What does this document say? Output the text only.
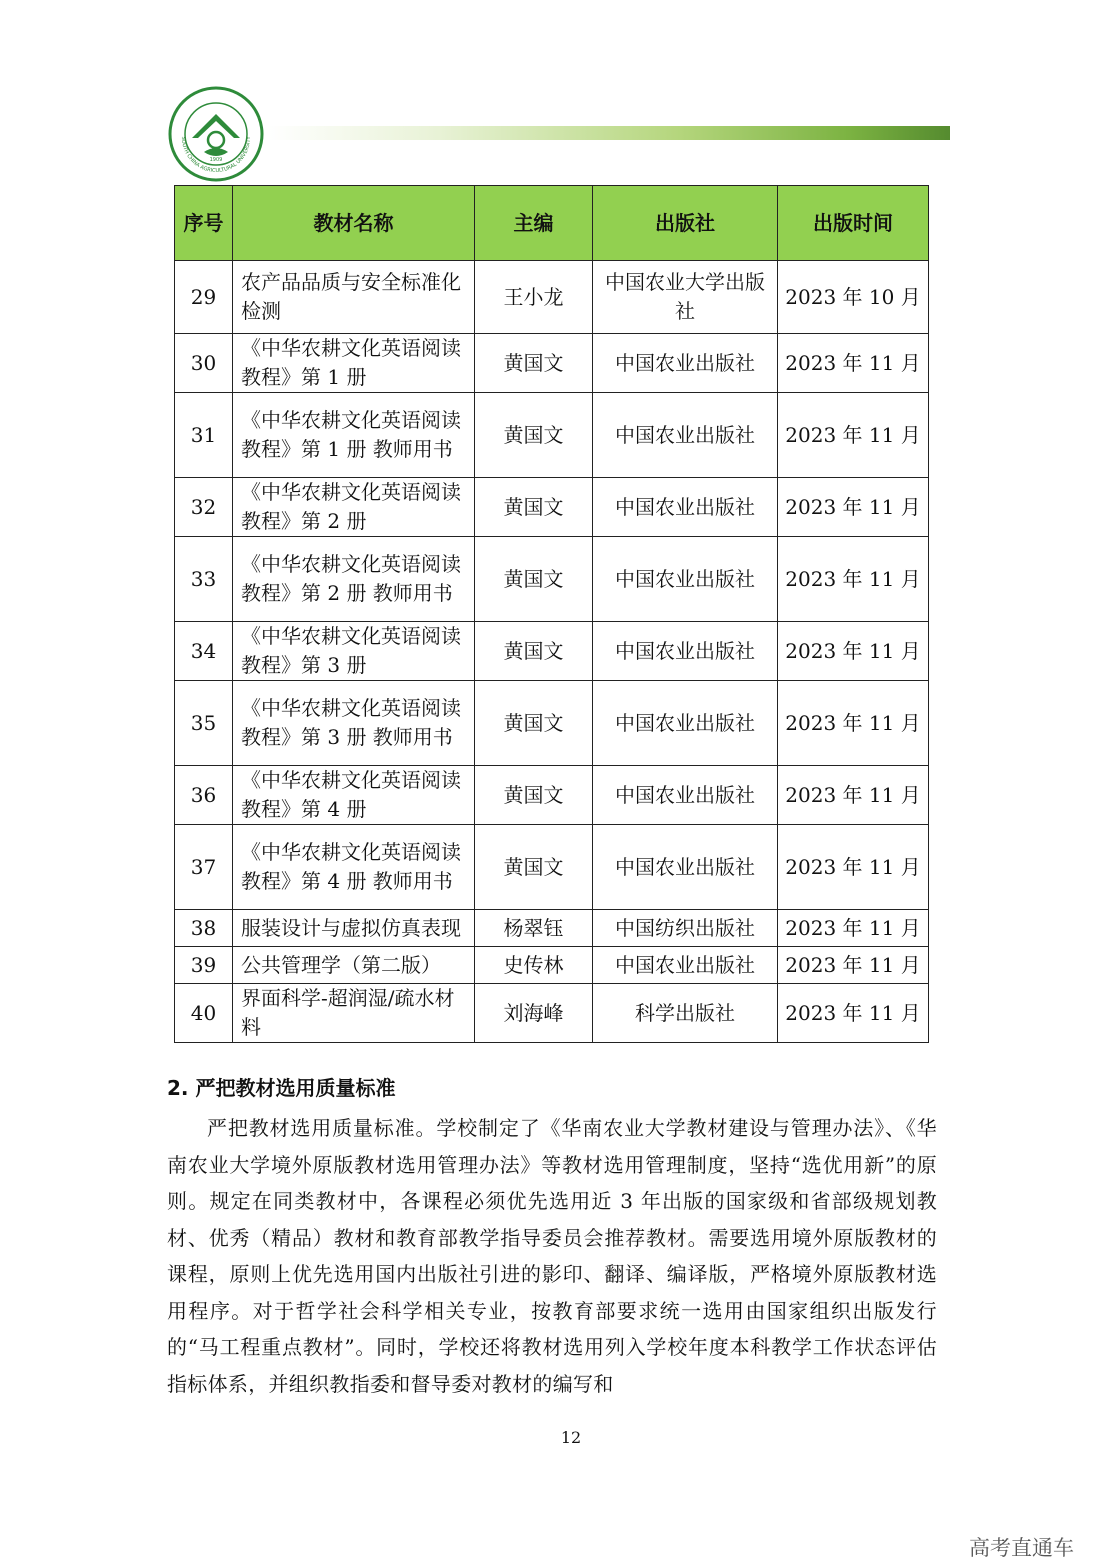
1909
SOUTH CHINA AGRICULTURAL UNIVERSITY
序号	教材名称	主编	出版社	出版时间
29	农产品品质与安全标准化检测	王小龙	中国农业大学出版社	2023 年 10 月
30	《中华农耕文化英语阅读教程》第 1 册	黄国文	中国农业出版社	2023 年 11 月
31	《中华农耕文化英语阅读教程》第 1 册 教师用书	黄国文	中国农业出版社	2023 年 11 月
32	《中华农耕文化英语阅读教程》第 2 册	黄国文	中国农业出版社	2023 年 11 月
33	《中华农耕文化英语阅读教程》第 2 册 教师用书	黄国文	中国农业出版社	2023 年 11 月
34	《中华农耕文化英语阅读教程》第 3 册	黄国文	中国农业出版社	2023 年 11 月
35	《中华农耕文化英语阅读教程》第 3 册 教师用书	黄国文	中国农业出版社	2023 年 11 月
36	《中华农耕文化英语阅读教程》第 4 册	黄国文	中国农业出版社	2023 年 11 月
37	《中华农耕文化英语阅读教程》第 4 册 教师用书	黄国文	中国农业出版社	2023 年 11 月
38	服装设计与虚拟仿真表现	杨翠钰	中国纺织出版社	2023 年 11 月
39	公共管理学（第二版）	史传林	中国农业出版社	2023 年 11 月
40	界面科学-超润湿/疏水材料	刘海峰	科学出版社	2023 年 11 月
2. 严把教材选用质量标准

严把教材选用质量标准。学校制定了《华南农业大学教材建设与管理办法》、《华南农业大学境外原版教材选用管理办法》等教材选用管理制度，坚持“选优用新”的原则。规定在同类教材中，各课程必须优先选用近 3 年出版的国家级和省部级规划教材、优秀（精品）教材和教育部教学指导委员会推荐教材。需要选用境外原版教材的课程，原则上优先选用国内出版社引进的影印、翻译、编译版，严格境外原版教材选用程序。对于哲学社会科学相关专业，按教育部要求统一选用由国家组织出版发行的“马工程重点教材”。同时，学校还将教材选用列入学校年度本科教学工作状态评估指标体系，并组织教指委和督导委对教材的编写和

12
高考直通车
